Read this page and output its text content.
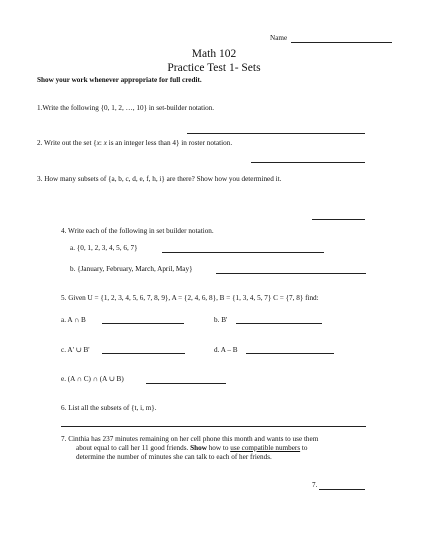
Name
Math 102
Practice Test 1- Sets
Show your work whenever appropriate for full credit.
1.Write the following {0, 1, 2, …, 10} in set-builder notation.
2. Write out the set {x: x is an integer less than 4} in roster notation.
3. How many subsets of {a, b, c, d, e, f, h, i} are there? Show how you determined it.
4. Write each of the following in set builder notation.
a. {0, 1, 2, 3, 4, 5, 6, 7}
b. {January, February, March, April, May}
5. Given U = {1, 2, 3, 4, 5, 6, 7, 8, 9}, A = {2, 4, 6, 8}, B = {1, 3, 4, 5, 7} C = {7, 8} find:
a. A ∩ B	b. B'
c. A' ∪ B'	d. A – B
e. (A ∩ C) ∩ (A ∪ B)
6. List all the subsets of {t, i, m}.
7. Cinthia has 237 minutes remaining on her cell phone this month and wants to use them
about equal to call her 11 good friends. Show how to use compatible numbers to
determine the number of minutes she can talk to each of her friends.
7.
